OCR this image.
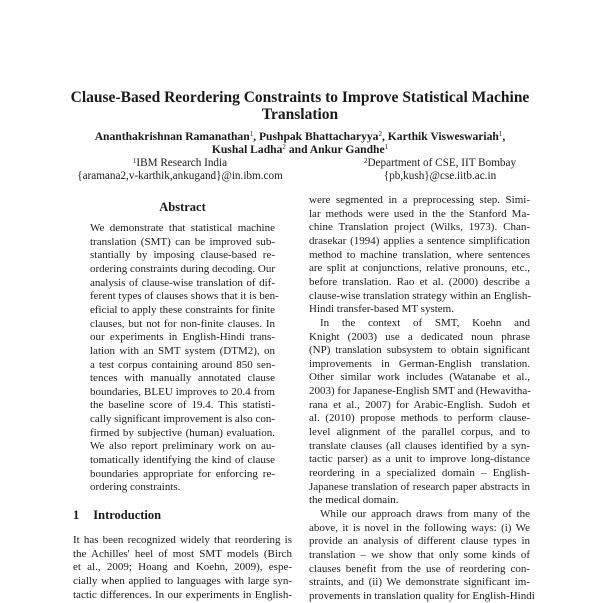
Clause-Based Reordering Constraints to Improve Statistical Machine
Translation
Ananthakrishnan Ramanathan$^1$, Pushpak Bhattacharyya$^2$, Karthik Visweswariah$^1$,
Kushal Ladha$^2$ and Ankur Gandhe$^1$
$^1$IBM Research India
{aramana2,v-karthik,ankugand}@in.ibm.com
$^2$Department of CSE, IIT Bombay
{pb,kush}@cse.iitb.ac.in
Abstract
We demonstrate that statistical machine
translation (SMT) can be improved sub-
stantially by imposing clause-based re-
ordering constraints during decoding. Our
analysis of clause-wise translation of dif-
ferent types of clauses shows that it is ben-
eficial to apply these constraints for finite
clauses, but not for non-finite clauses. In
our experiments in English-Hindi trans-
lation with an SMT system (DTM2), on
a test corpus containing around 850 sen-
tences with manually annotated clause
boundaries, BLEU improves to 20.4 from
the baseline score of 19.4. This statisti-
cally significant improvement is also con-
firmed by subjective (human) evaluation.
We also report preliminary work on au-
tomatically identifying the kind of clause
boundaries appropriate for enforcing re-
ordering constraints.
1 Introduction
It has been recognized widely that reordering is
the Achilles' heel of most SMT models (Birch
et al., 2009; Hoang and Koehn, 2009), espe-
cially when applied to languages with large syn-
tactic differences. In our experiments in English-
were segmented in a preprocessing step. Simi-
lar methods were used in the the Stanford Ma-
chine Translation project (Wilks, 1973). Chan-
drasekar (1994) applies a sentence simplification
method to machine translation, where sentences
are split at conjunctions, relative pronouns, etc.,
before translation. Rao et al. (2000) describe a
clause-wise translation strategy within an English-
Hindi transfer-based MT system.
In the context of SMT, Koehn and
Knight (2003) use a dedicated noun phrase
(NP) translation subsystem to obtain significant
improvements in German-English translation.
Other similar work includes (Watanabe et al.,
2003) for Japanese-English SMT and (Hewavitha-
rana et al., 2007) for Arabic-English. Sudoh et
al. (2010) propose methods to perform clause-
level alignment of the parallel corpus, and to
translate clauses (all clauses identified by a syn-
tactic parser) as a unit to improve long-distance
reordering in a specialized domain – English-
Japanese translation of research paper abstracts in
the medical domain.
While our approach draws from many of the
above, it is novel in the following ways: (i) We
provide an analysis of different clause types in
translation – we show that only some kinds of
clauses benefit from the use of reordering con-
straints, and (ii) We demonstrate significant im-
provements in translation quality for English-Hindi
